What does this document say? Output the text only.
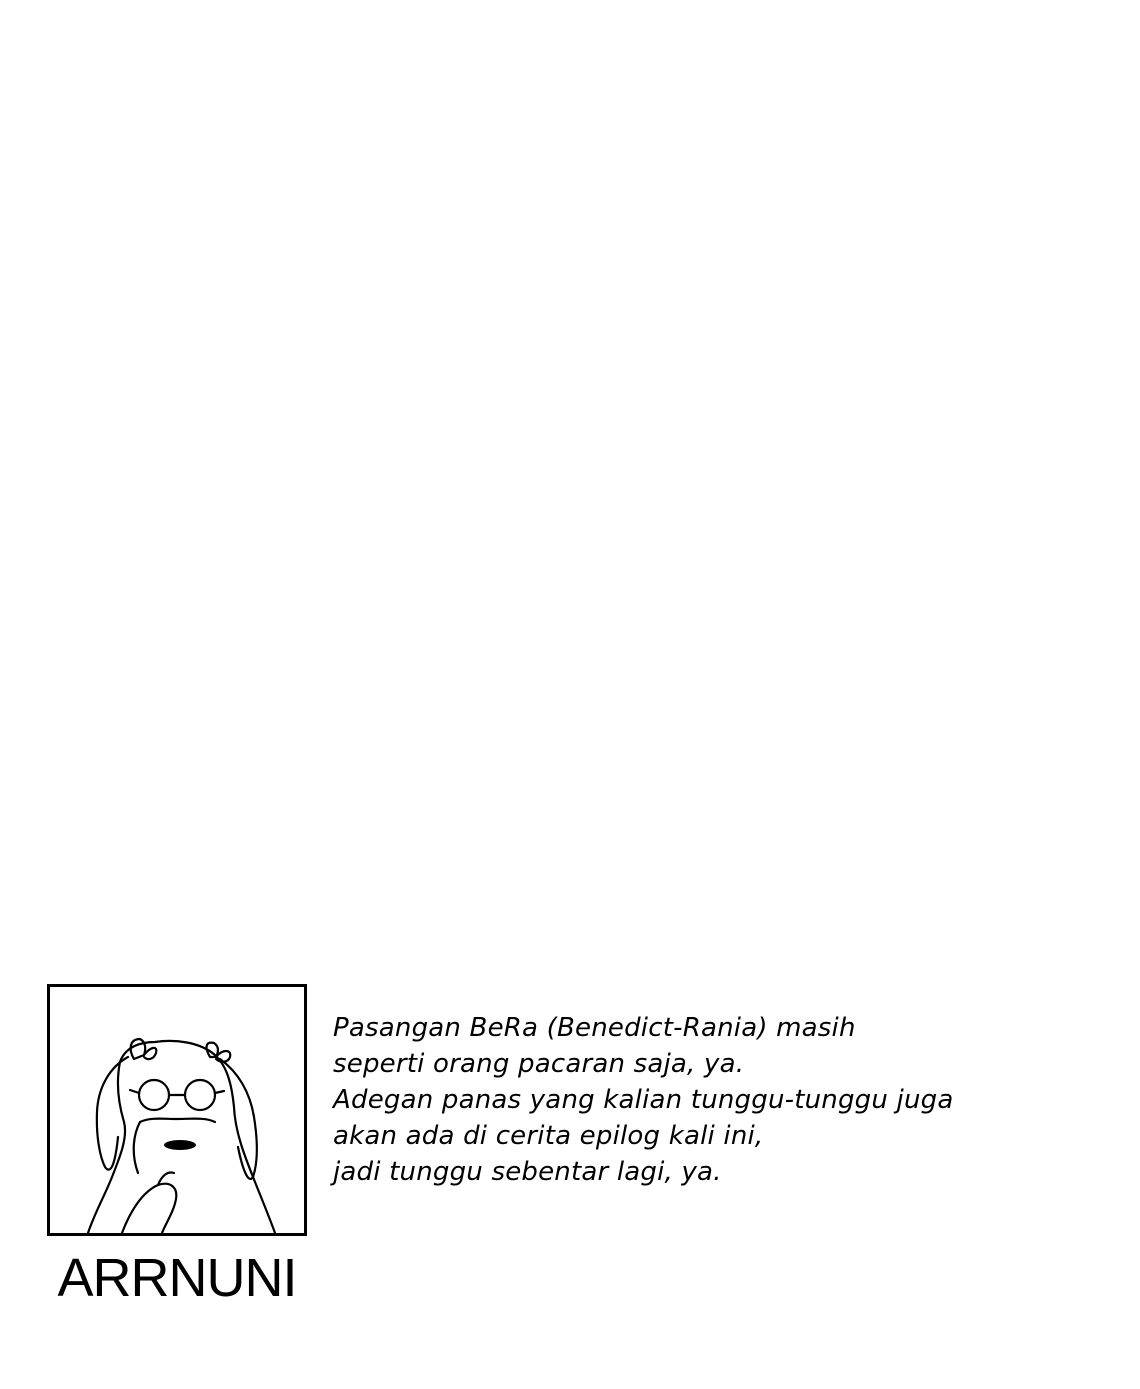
ARRNUNI
Pasangan BeRa (Benedict-Rania) masih
seperti orang pacaran saja, ya.
Adegan panas yang kalian tunggu-tunggu juga
akan ada di cerita epilog kali ini,
jadi tunggu sebentar lagi, ya.
